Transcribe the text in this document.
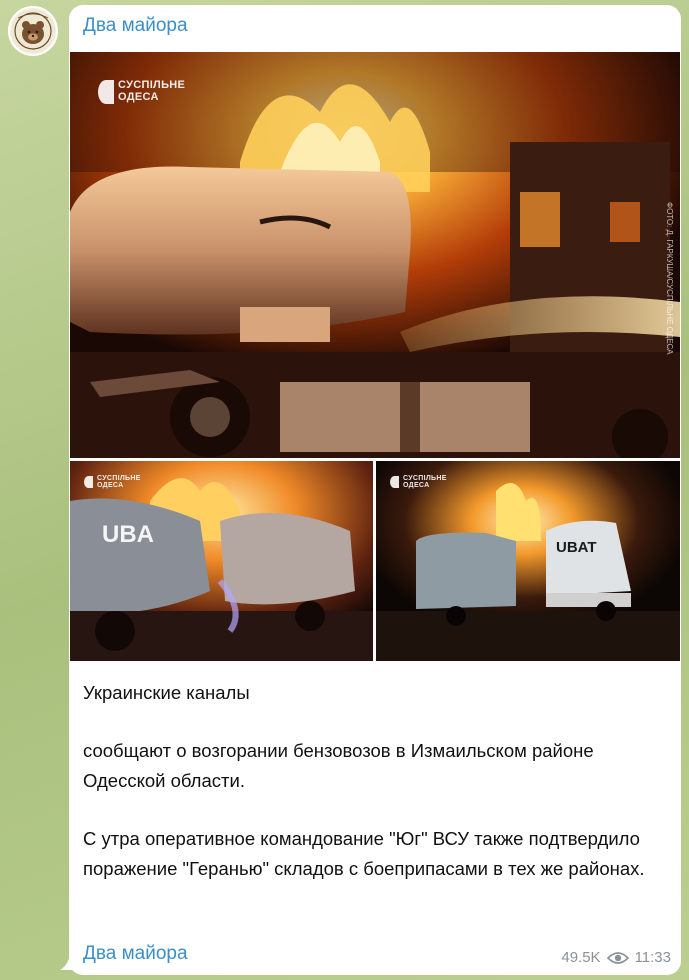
Два майора
СУСПІЛЬНЕ
ОДЕСА
ФОТО: Д. ГАРКУША/СУСПІЛЬНЕ ОДЕСА
СУСПІЛЬНЕ
ОДЕСА
UBA
СУСПІЛЬНЕ
ОДЕСА
UBAT

Украинские каналы

сообщают о возгорании бензовозов в Измаильском районе Одесской области.

С утра оперативное командование "Юг" ВСУ также подтвердило поражение "Геранью" складов с боеприпасами в тех же районах.

Два майора	49.5K 11:33
